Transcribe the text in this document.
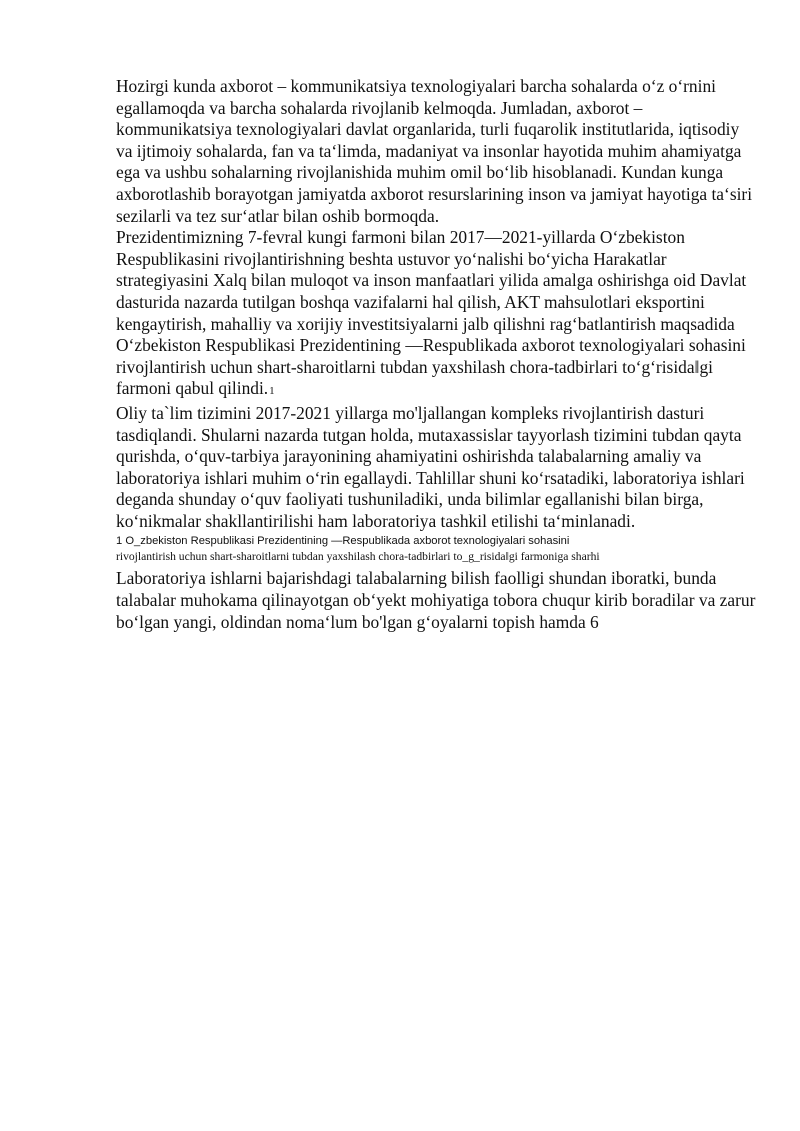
Hozirgi kunda axborot – kommunikatsiya texnologiyalari barcha sohalarda o‘z o‘rnini egallamoqda va barcha sohalarda rivojlanib kelmoqda. Jumladan, axborot – kommunikatsiya texnologiyalari davlat organlarida, turli fuqarolik institutlarida, iqtisodiy va ijtimoiy sohalarda, fan va ta‘limda, madaniyat va insonlar hayotida muhim ahamiyatga ega va ushbu sohalarning rivojlanishida muhim omil bo‘lib hisoblanadi. Kundan kunga axborotlashib borayotgan jamiyatda axborot resurslarining inson va jamiyat hayotiga ta‘siri sezilarli va tez sur‘atlar bilan oshib bormoqda.

Prezidentimizning 7-fevral kungi farmoni bilan 2017—2021-yillarda O‘zbekiston Respublikasini rivojlantirishning beshta ustuvor yo‘nalishi bo‘yicha Harakatlar strategiyasini Xalq bilan muloqot va inson manfaatlari yilida amalga oshirishga oid Davlat dasturida nazarda tutilgan boshqa vazifalarni hal qilish, AKT mahsulotlari eksportini kengaytirish, mahalliy va xorijiy investitsiyalarni jalb qilishni rag‘batlantirish maqsadida O‘zbekiston Respublikasi Prezidentining —Respublikada axborot texnologiyalari sohasini rivojlantirish uchun shart-sharoitlarni tubdan yaxshilash chora-tadbirlari to‘g‘risidaǁgi farmoni qabul qilindi.1

Oliy ta`lim tizimini 2017-2021 yillarga mo'ljallangan kompleks rivojlantirish dasturi tasdiqlandi. Shularni nazarda tutgan holda, mutaxassislar tayyorlash tizimini tubdan qayta qurishda, o‘quv-tarbiya jarayonining ahamiyatini oshirishda talabalarning amaliy va laboratoriya ishlari muhim o‘rin egallaydi. Tahlillar shuni ko‘rsatadiki, laboratoriya ishlari deganda shunday o‘quv faoliyati tushuniladiki, unda bilimlar egallanishi bilan birga, ko‘nikmalar shakllantirilishi ham laboratoriya tashkil etilishi ta‘minlanadi.

1 O_zbekiston Respublikasi Prezidentining —Respublikada axborot texnologiyalari sohasini

rivojlantirish uchun shart-sharoitlarni tubdan yaxshilash chora-tadbirlari to_g_risidaǁgi farmoniga sharhi

Laboratoriya ishlarni bajarishdagi talabalarning bilish faolligi shundan iboratki, bunda talabalar muhokama qilinayotgan ob‘yekt mohiyatiga tobora chuqur kirib boradilar va zarur bo‘lgan yangi, oldindan noma‘lum bo'lgan g‘oyalarni topish hamda 6
